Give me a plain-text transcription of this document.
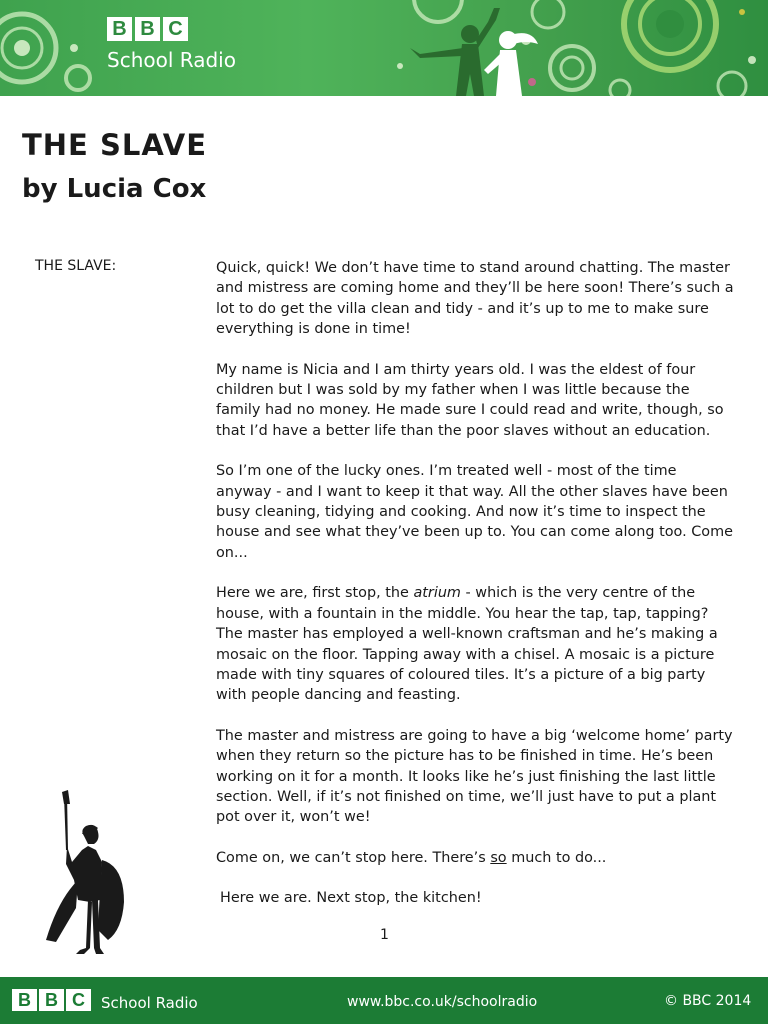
B B C
School Radio
THE SLAVE
by Lucia Cox
THE SLAVE:	Quick, quick! We don’t have time to stand around chatting. The master and mistress are coming home and they’ll be here soon! There’s such a lot to do get the villa clean and tidy - and it’s up to me to make sure everything is done in time!

My name is Nicia and I am thirty years old. I was the eldest of four children but I was sold by my father when I was little because the family had no money. He made sure I could read and write, though, so that I’d have a better life than the poor slaves without an education.

So I’m one of the lucky ones. I’m treated well - most of the time anyway - and I want to keep it that way. All the other slaves have been busy cleaning, tidying and cooking. And now it’s time to inspect the house and see what they’ve been up to. You can come along too. Come on...

Here we are, first stop, the atrium - which is the very centre of the house, with a fountain in the middle. You hear the tap, tap, tapping? The master has employed a well-known craftsman and he’s making a mosaic on the floor. Tapping away with a chisel. A mosaic is a picture made with tiny squares of coloured tiles. It’s a picture of a big party with people dancing and feasting.

The master and mistress are going to have a big ‘welcome home’ party when they return so the picture has to be finished in time. He’s been working on it for a month. It looks like he’s just finishing the last little section. Well, if it’s not finished on time, we’ll just have to put a plant pot over it, won’t we!

Come on, we can’t stop here. There’s so much to do...

Here we are. Next stop, the kitchen!

1
B B C	School Radio	www.bbc.co.uk/schoolradio	© BBC 2014
